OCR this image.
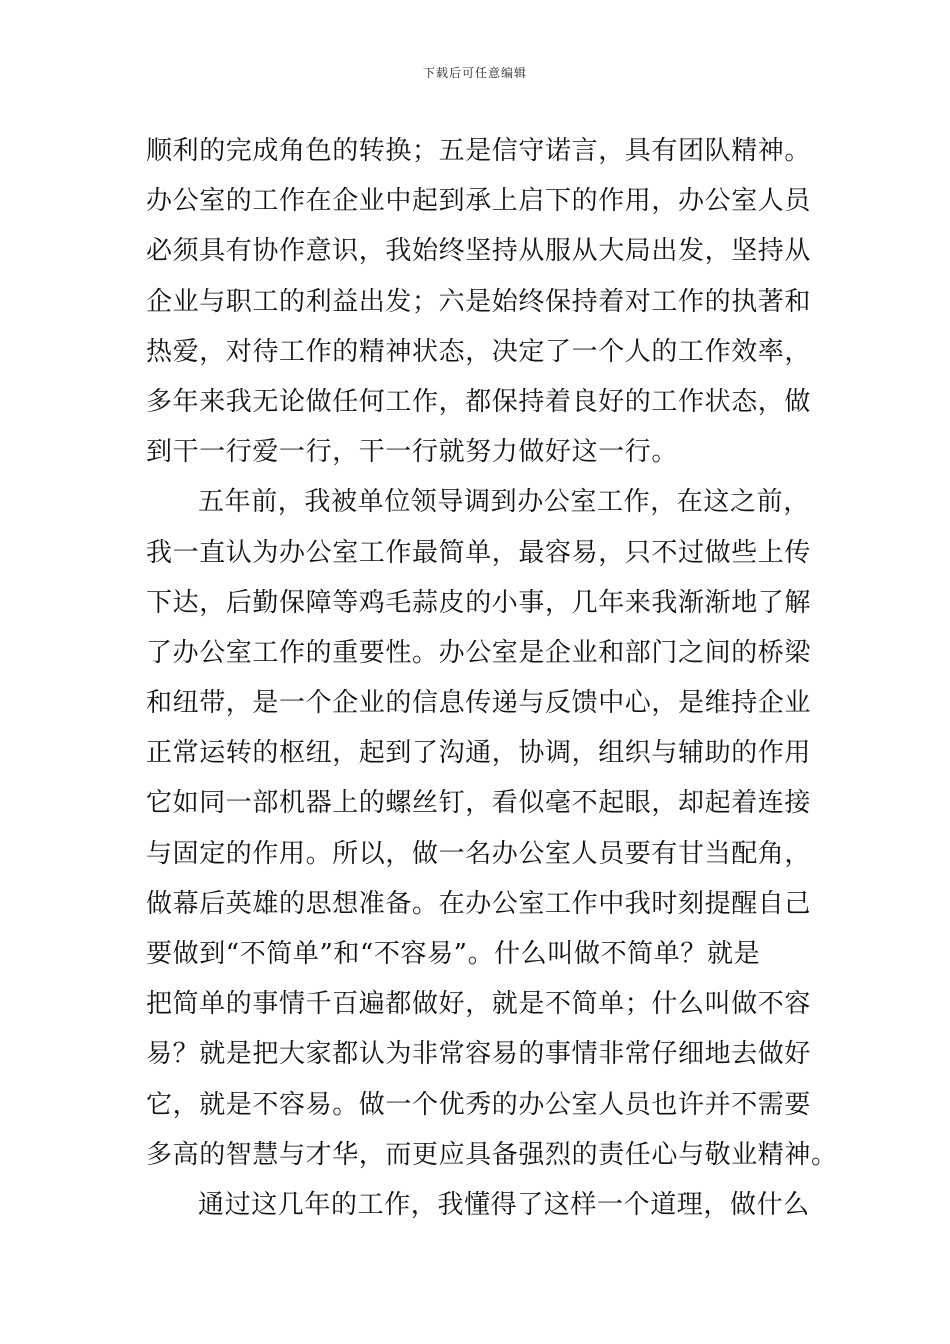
下载后可任意编辑
顺利的完成角色的转换；五是信守诺言，具有团队精神。
办公室的工作在企业中起到承上启下的作用，办公室人员
必须具有协作意识，我始终坚持从服从大局出发，坚持从
企业与职工的利益出发；六是始终保持着对工作的执著和
热爱，对待工作的精神状态，决定了一个人的工作效率，
多年来我无论做任何工作，都保持着良好的工作状态，做
到干一行爱一行，干一行就努力做好这一行。
五年前，我被单位领导调到办公室工作，在这之前，
我一直认为办公室工作最简单，最容易，只不过做些上传
下达，后勤保障等鸡毛蒜皮的小事，几年来我渐渐地了解
了办公室工作的重要性。办公室是企业和部门之间的桥梁
和纽带，是一个企业的信息传递与反馈中心，是维持企业
正常运转的枢纽，起到了沟通，协调，组织与辅助的作用
它如同一部机器上的螺丝钉，看似毫不起眼，却起着连接
与固定的作用。所以，做一名办公室人员要有甘当配角，
做幕后英雄的思想准备。在办公室工作中我时刻提醒自己
要做到“不简单”和“不容易”。什么叫做不简单？就是
把简单的事情千百遍都做好，就是不简单；什么叫做不容
易？就是把大家都认为非常容易的事情非常仔细地去做好
它，就是不容易。做一个优秀的办公室人员也许并不需要
多高的智慧与才华，而更应具备强烈的责任心与敬业精神。
通过这几年的工作，我懂得了这样一个道理，做什么
